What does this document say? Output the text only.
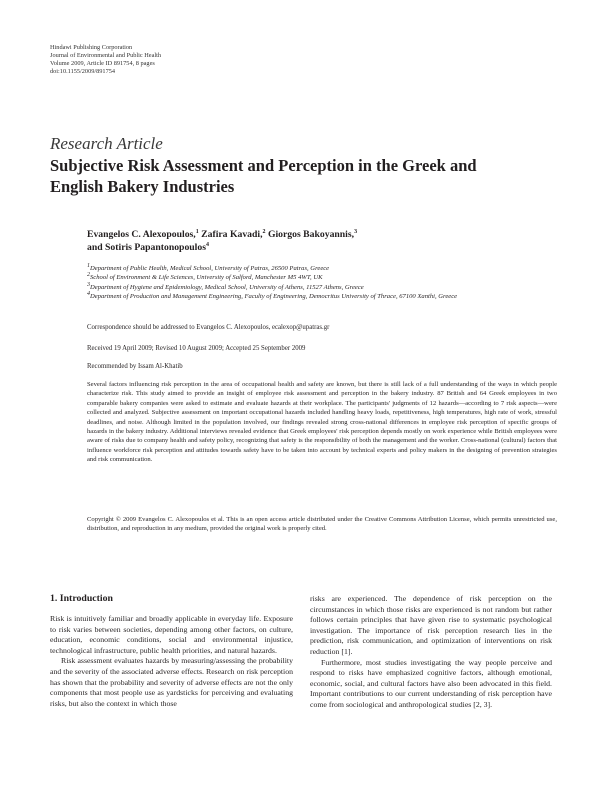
Hindawi Publishing Corporation
Journal of Environmental and Public Health
Volume 2009, Article ID 891754, 8 pages
doi:10.1155/2009/891754
Research Article
Subjective Risk Assessment and Perception in the Greek and English Bakery Industries
Evangelos C. Alexopoulos,$^1$ Zafira Kavadi,$^2$ Giorgos Bakoyannis,$^3$
and Sotiris Papantonopoulos$^4$
$^1$Department of Public Health, Medical School, University of Patras, 26500 Patras, Greece
$^2$School of Environment & Life Sciences, University of Salford, Manchester M5 4WT, UK
$^3$Department of Hygiene and Epidemiology, Medical School, University of Athens, 11527 Athens, Greece
$^4$Department of Production and Management Engineering, Faculty of Engineering, Democritus University of Thrace, 67100 Xanthi, Greece
Correspondence should be addressed to Evangelos C. Alexopoulos, ecalexop@upatras.gr
Received 19 April 2009; Revised 10 August 2009; Accepted 25 September 2009
Recommended by Issam Al-Khatib
Several factors influencing risk perception in the area of occupational health and safety are known, but there is still lack of a full understanding of the ways in which people characterize risk. This study aimed to provide an insight of employee risk assessment and perception in the bakery industry. 87 British and 64 Greek employees in two comparable bakery companies were asked to estimate and evaluate hazards at their workplace. The participants' judgments of 12 hazards—according to 7 risk aspects—were collected and analyzed. Subjective assessment on important occupational hazards included handling heavy loads, repetitiveness, high temperatures, high rate of work, stressful deadlines, and noise. Although limited in the population involved, our findings revealed strong cross-national differences in employee risk perception of specific groups of hazards in the bakery industry. Additional interviews revealed evidence that Greek employees' risk perception depends mostly on work experience while British employees were aware of risks due to company health and safety policy, recognizing that safety is the responsibility of both the management and the worker. Cross-national (cultural) factors that influence workforce risk perception and attitudes towards safety have to be taken into account by technical experts and policy makers in the designing of prevention strategies and risk communication.
Copyright © 2009 Evangelos C. Alexopoulos et al. This is an open access article distributed under the Creative Commons Attribution License, which permits unrestricted use, distribution, and reproduction in any medium, provided the original work is properly cited.
1. Introduction

Risk is intuitively familiar and broadly applicable in everyday life. Exposure to risk varies between societies, depending among other factors, on culture, education, economic conditions, social and environmental injustice, technological infrastructure, public health priorities, and natural hazards.

Risk assessment evaluates hazards by measuring/assessing the probability and the severity of the associated adverse effects. Research on risk perception has shown that the probability and severity of adverse effects are not the only components that most people use as yardsticks for perceiving and evaluating risks, but also the context in which those

risks are experienced. The dependence of risk perception on the circumstances in which those risks are experienced is not random but rather follows certain principles that have given rise to systematic psychological investigation. The importance of risk perception research lies in the prediction, risk communication, and optimization of interventions on risk reduction [1].

Furthermore, most studies investigating the way people perceive and respond to risks have emphasized cognitive factors, although emotional, economic, social, and cultural factors have also been advocated in this field. Important contributions to our current understanding of risk perception have come from sociological and anthropological studies [2, 3].
